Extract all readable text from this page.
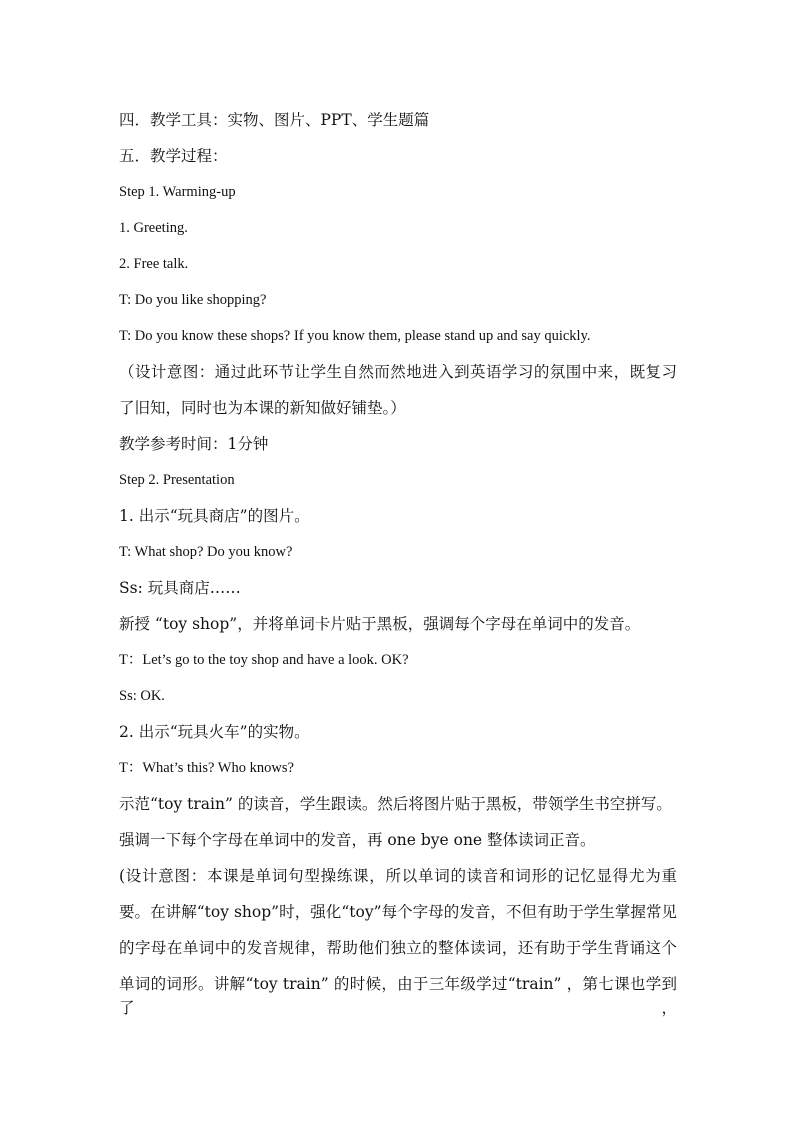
四．教学工具：实物、图片、PPT、学生题篇
五．教学过程：
Step 1. Warming-up
1. Greeting.
2. Free talk.
T: Do you like shopping?
T: Do you know these shops? If you know them, please stand up and say quickly.
（设计意图：通过此环节让学生自然而然地进入到英语学习的氛围中来，既复习
了旧知，同时也为本课的新知做好铺垫。）
教学参考时间：1分钟
Step 2. Presentation
1. 出示“玩具商店”的图片。
T: What shop? Do you know?
Ss: 玩具商店……
新授 “toy shop”，并将单词卡片贴于黑板，强调每个字母在单词中的发音。
T：Let’s go to the toy shop and have a look. OK?
Ss: OK.
2. 出示“玩具火车”的实物。
T：What’s this? Who knows?
示范“toy train” 的读音，学生跟读。然后将图片贴于黑板，带领学生书空拼写。
强调一下每个字母在单词中的发音，再 one bye one 整体读词正音。
(设计意图：本课是单词句型操练课，所以单词的读音和词形的记忆显得尤为重
要。在讲解“toy shop”时，强化“toy”每个字母的发音，不但有助于学生掌握常见
的字母在单词中的发音规律，帮助他们独立的整体读词，还有助于学生背诵这个
单词的词形。讲解“toy train” 的时候，由于三年级学过“train” ，第七课也学到了，
